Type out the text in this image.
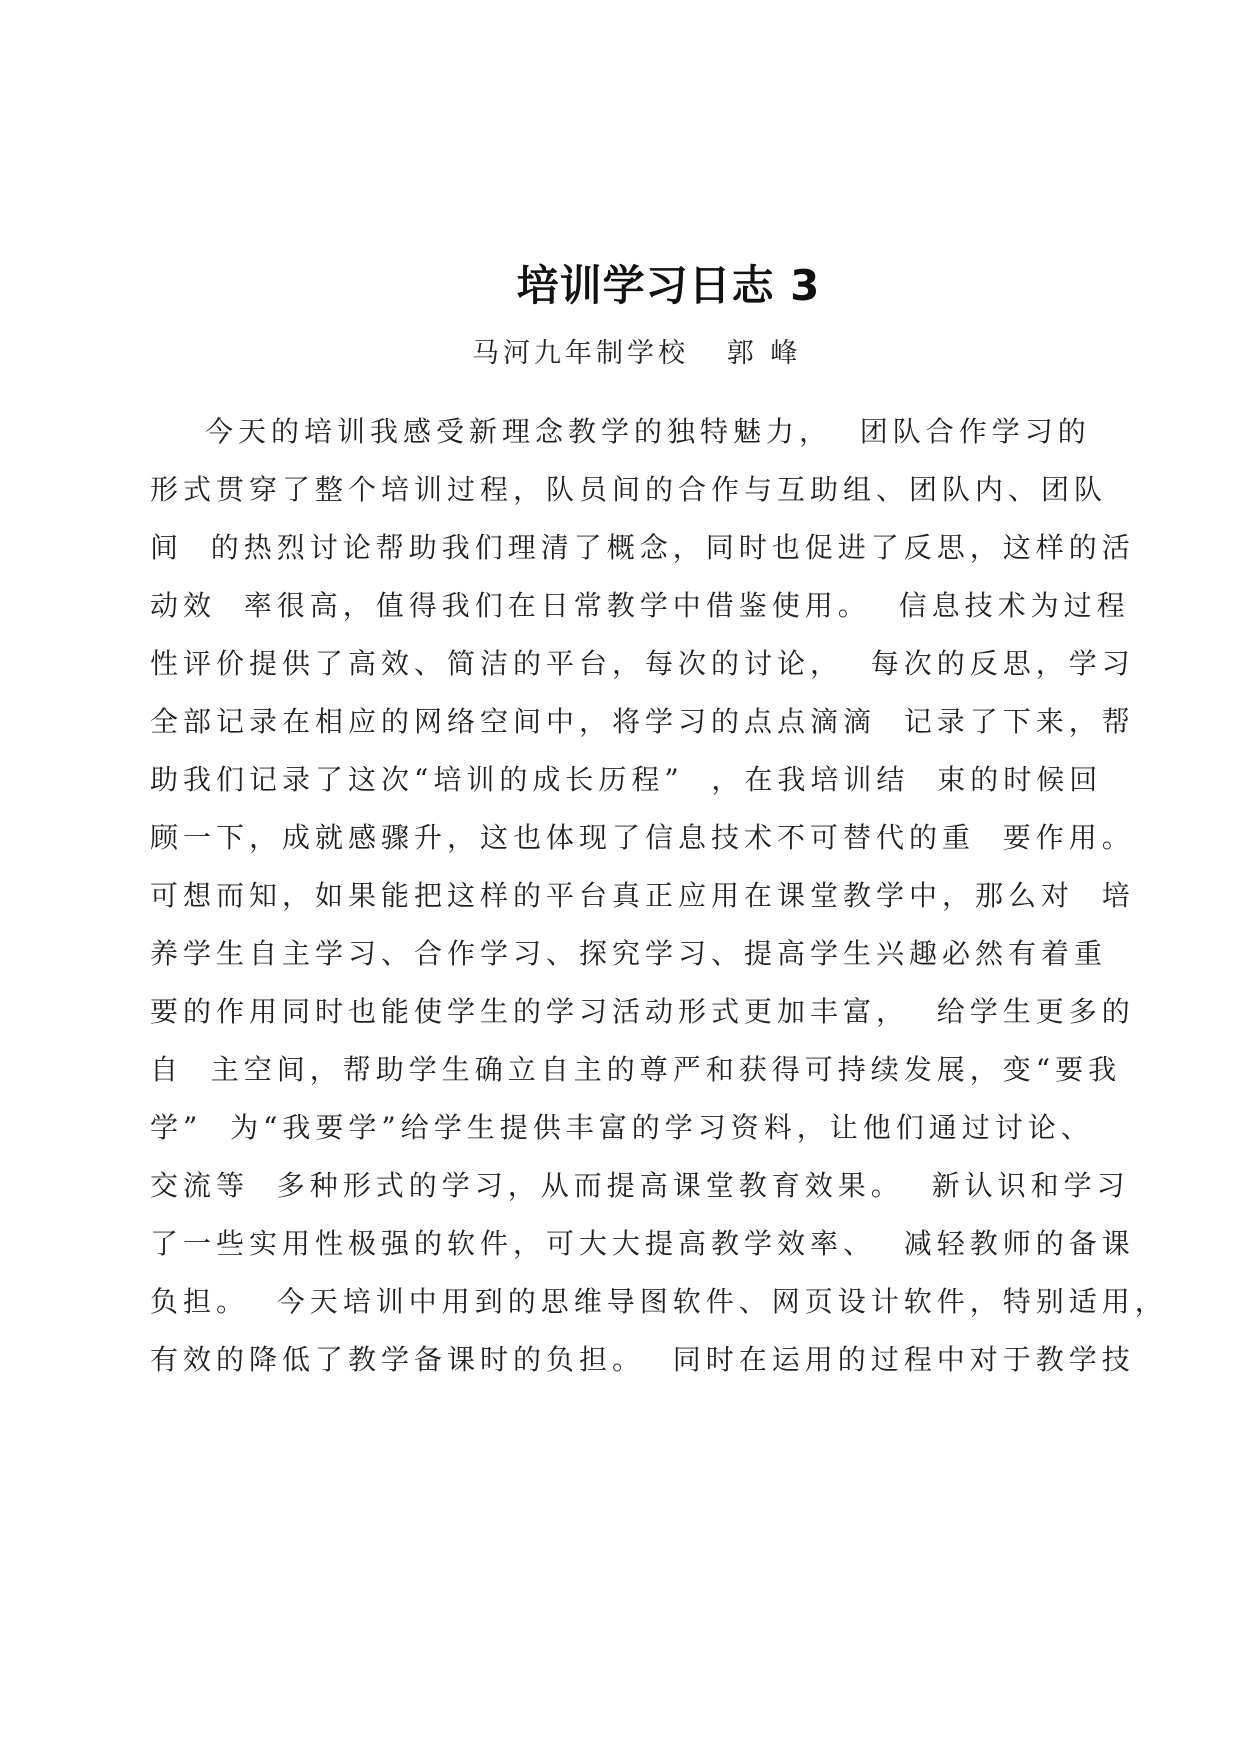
培训学习日志 3
马河九年制学校   郭 峰
今天的培训我感受新理念教学的独特魅力，  团队合作学习的
形式贯穿了整个培训过程，队员间的合作与互助组、团队内、团队
间  的热烈讨论帮助我们理清了概念，同时也促进了反思，这样的活
动效  率很高，值得我们在日常教学中借鉴使用。  信息技术为过程
性评价提供了高效、简洁的平台，每次的讨论，  每次的反思，学习
全部记录在相应的网络空间中，将学习的点点滴滴  记录了下来，帮
助我们记录了这次“培训的成长历程”  ，在我培训结  束的时候回
顾一下，成就感骤升，这也体现了信息技术不可替代的重  要作用。
可想而知，如果能把这样的平台真正应用在课堂教学中，那么对  培
养学生自主学习、合作学习、探究学习、提高学生兴趣必然有着重
要的作用同时也能使学生的学习活动形式更加丰富，  给学生更多的
自  主空间，帮助学生确立自主的尊严和获得可持续发展，变“要我
学”  为“我要学”给学生提供丰富的学习资料，让他们通过讨论、
交流等  多种形式的学习，从而提高课堂教育效果。  新认识和学习
了一些实用性极强的软件，可大大提高教学效率、  减轻教师的备课
负担。  今天培训中用到的思维导图软件、网页设计软件，特别适用，
有效的降低了教学备课时的负担。  同时在运用的过程中对于教学技
